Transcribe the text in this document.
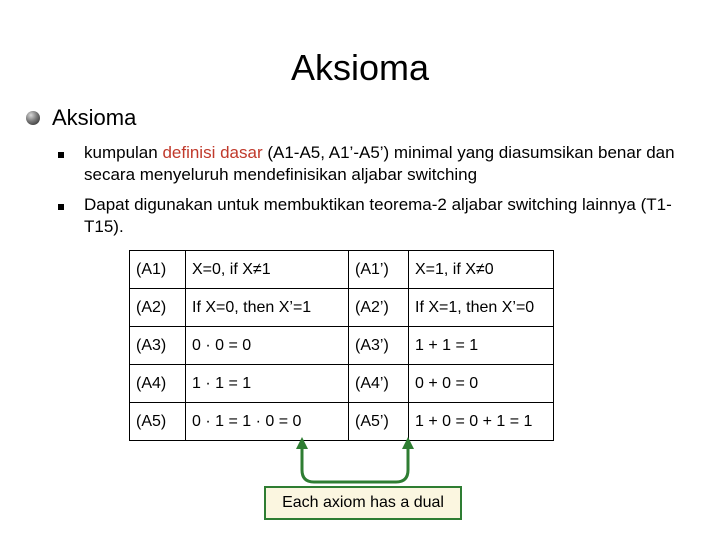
Aksioma
Aksioma
kumpulan definisi dasar (A1-A5, A1’-A5’) minimal yang diasumsikan benar dan secara menyeluruh mendefinisikan aljabar switching
Dapat digunakan untuk membuktikan teorema-2 aljabar switching lainnya (T1-T15).
(A1)	X=0, if X≠1	(A1’)	X=1, if X≠0
(A2)	If X=0, then X’=1	(A2’)	If X=1, then X’=0
(A3)	0 · 0 = 0	(A3’)	1 + 1 = 1
(A4)	1 · 1 = 1	(A4’)	0 + 0 = 0
(A5)	0 · 1 = 1 · 0 = 0	(A5’)	1 + 0 = 0 + 1 = 1
Each axiom has a dual
